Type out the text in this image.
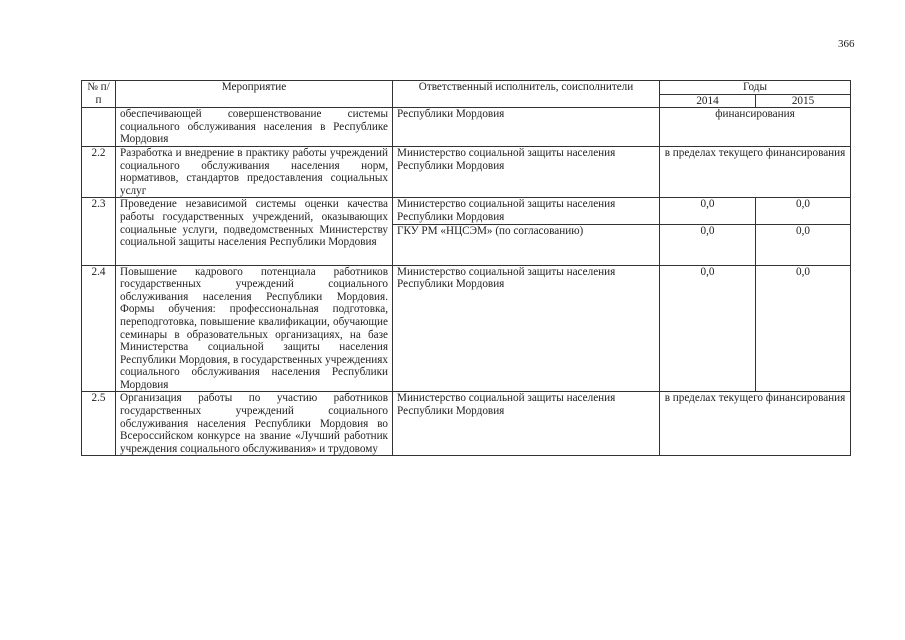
366
№ п/п	Мероприятие	Ответственный исполнитель, соисполнители	Годы	
			2014	2015
	обеспечивающей совершенствование системы социального обслуживания населения в Республике Мордовия	Республики Мордовия	финансирования	
2.2	Разработка и внедрение в практику работы учреждений социального обслуживания населения норм, нормативов, стандартов предоставления социальных услуг	Министерство социальной защиты населения Республики Мордовия	в пределах текущего финансирования	
2.3	Проведение независимой системы оценки качества работы государственных учреждений, оказывающих социальные услуги, подведомственных Министерству социальной защиты населения Республики Мордовия	Министерство социальной защиты населения Республики Мордовия	0,0	0,0
		ГКУ РМ «НЦСЭМ» (по согласованию)	0,0	0,0
2.4	Повышение кадрового потенциала работников государственных учреждений социального обслуживания населения Республики Мордовия. Формы обучения: профессиональная подготовка, переподготовка, повышение квалификации, обучающие семинары в образовательных организациях, на базе Министерства социальной защиты населения Республики Мордовия, в государственных учреждениях социального обслуживания населения Республики Мордовия	Министерство социальной защиты населения Республики Мордовия	0,0	0,0
2.5	Организация работы по участию работников государственных учреждений социального обслуживания населения Республики Мордовия во Всероссийском конкурсе на звание «Лучший работник учреждения социального обслуживания» и трудовому	Министерство социальной защиты населения Республики Мордовия	в пределах текущего финансирования	
